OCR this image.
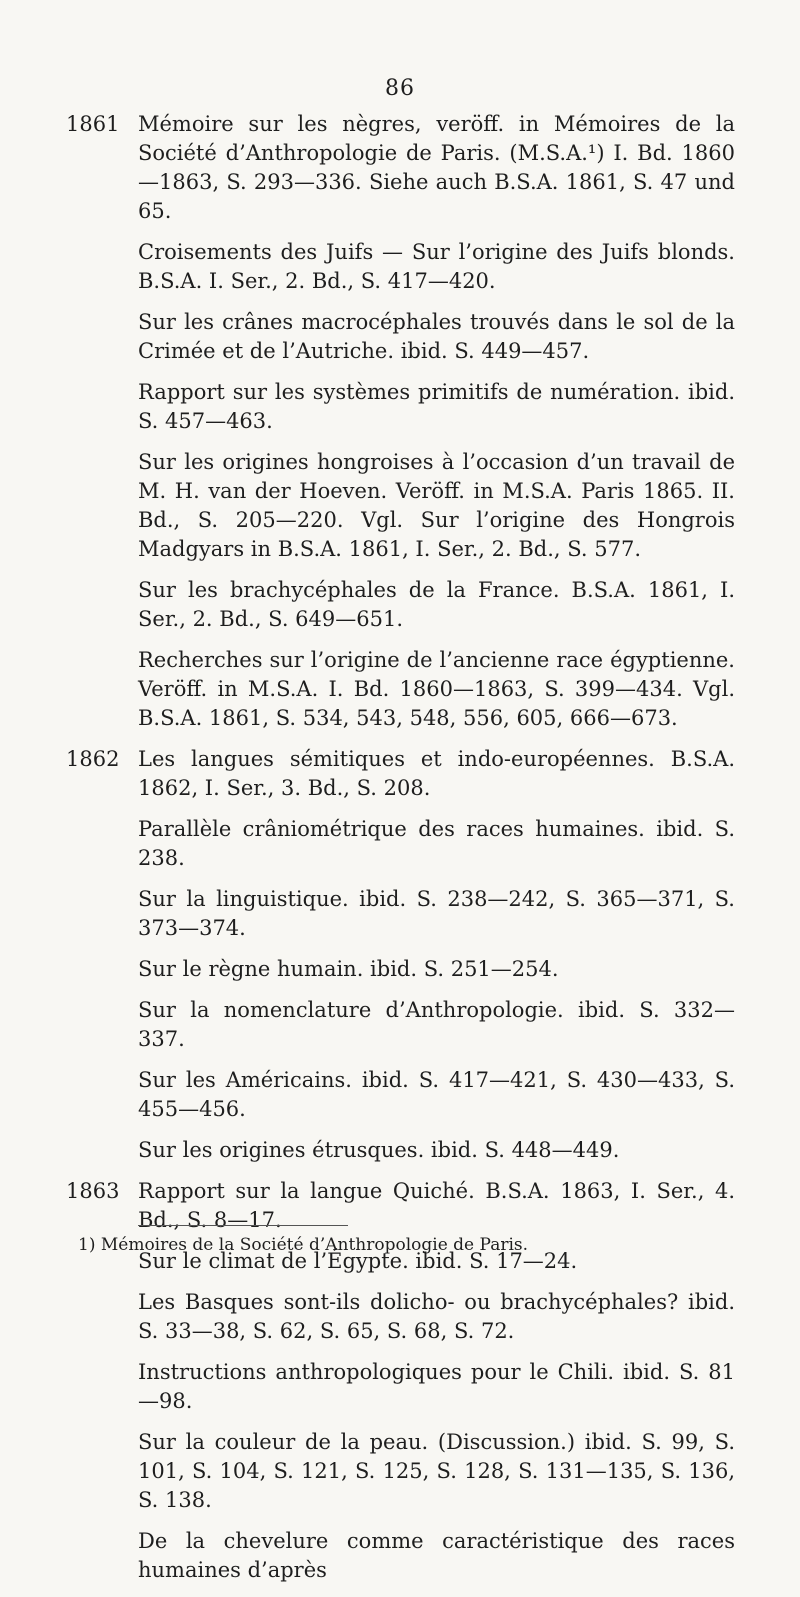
86
1861 Mémoire sur les nègres, veröff. in Mémoires de la Société d’Anthropologie de Paris. (M.S.A.¹) I. Bd. 1860—1863, S. 293—336. Siehe auch B.S.A. 1861, S. 47 und 65.
Croisements des Juifs — Sur l’origine des Juifs blonds. B.S.A. I. Ser., 2. Bd., S. 417—420.
Sur les crânes macrocéphales trouvés dans le sol de la Crimée et de l’Autriche. ibid. S. 449—457.
Rapport sur les systèmes primitifs de numération. ibid. S. 457—463.
Sur les origines hongroises à l’occasion d’un travail de M. H. van der Hoeven. Veröff. in M.S.A. Paris 1865. II. Bd., S. 205—220. Vgl. Sur l’origine des Hongrois Madgyars in B.S.A. 1861, I. Ser., 2. Bd., S. 577.
Sur les brachycéphales de la France. B.S.A. 1861, I. Ser., 2. Bd., S. 649—651.
Recherches sur l’origine de l’ancienne race égyptienne. Veröff. in M.S.A. I. Bd. 1860—1863, S. 399—434. Vgl. B.S.A. 1861, S. 534, 543, 548, 556, 605, 666—673.
1862 Les langues sémitiques et indo-européennes. B.S.A. 1862, I. Ser., 3. Bd., S. 208.
Parallèle crâniométrique des races humaines. ibid. S. 238.
Sur la linguistique. ibid. S. 238—242, S. 365—371, S. 373—374.
Sur le règne humain. ibid. S. 251—254.
Sur la nomenclature d’Anthropologie. ibid. S. 332—337.
Sur les Américains. ibid. S. 417—421, S. 430—433, S. 455—456.
Sur les origines étrusques. ibid. S. 448—449.
1863 Rapport sur la langue Quiché. B.S.A. 1863, I. Ser., 4. Bd., S. 8—17.
Sur le climat de l’Égypte. ibid. S. 17—24.
Les Basques sont-ils dolicho- ou brachycéphales? ibid. S. 33—38, S. 62, S. 65, S. 68, S. 72.
Instructions anthropologiques pour le Chili. ibid. S. 81—98.
Sur la couleur de la peau. (Discussion.) ibid. S. 99, S. 101, S. 104, S. 121, S. 125, S. 128, S. 131—135, S. 136, S. 138.
De la chevelure comme caractéristique des races humaines d’après
1) Mémoires de la Société d’Anthropologie de Paris.
